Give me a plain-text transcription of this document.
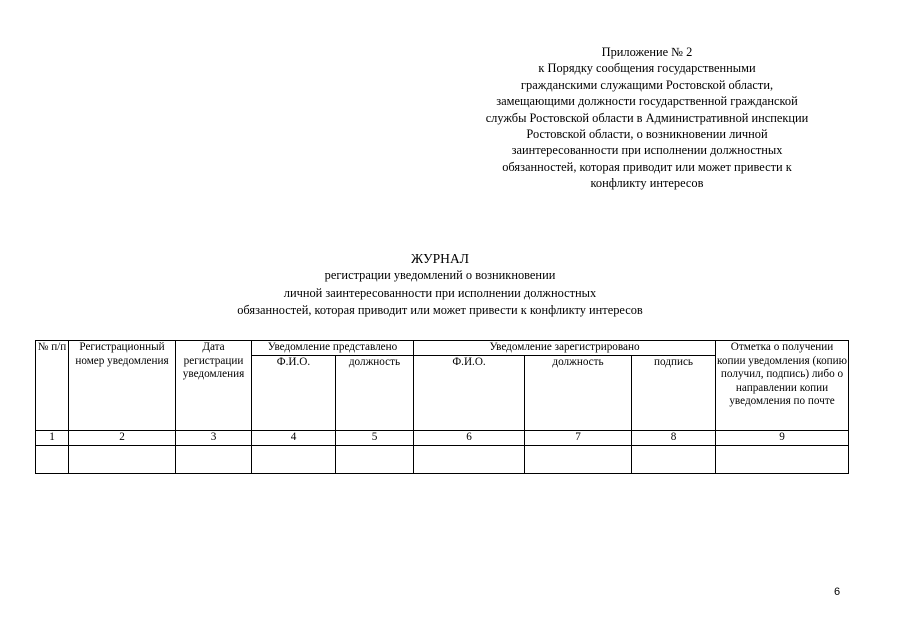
Приложение № 2
к Порядку сообщения государственными
гражданскими служащими Ростовской области,
замещающими должности государственной гражданской
службы Ростовской области в Административной инспекции
Ростовской области, о возникновении личной
заинтересованности при исполнении должностных
обязанностей, которая приводит или может привести к
конфликту интересов
ЖУРНАЛ
регистрации уведомлений о возникновении
личной заинтересованности при исполнении должностных
обязанностей, которая приводит или может привести к конфликту интересов
№ п/п	Регистрационный номер уведомления	Дата регистрации уведомления	Уведомление представлено		Уведомление зарегистрировано			Отметка о получении копии уведомления (копию получил, подпись) либо о направлении копии уведомления по почте
			Ф.И.О.	должность	Ф.И.О.	должность	подпись	
1	2	3	4	5	6	7	8	9

6
